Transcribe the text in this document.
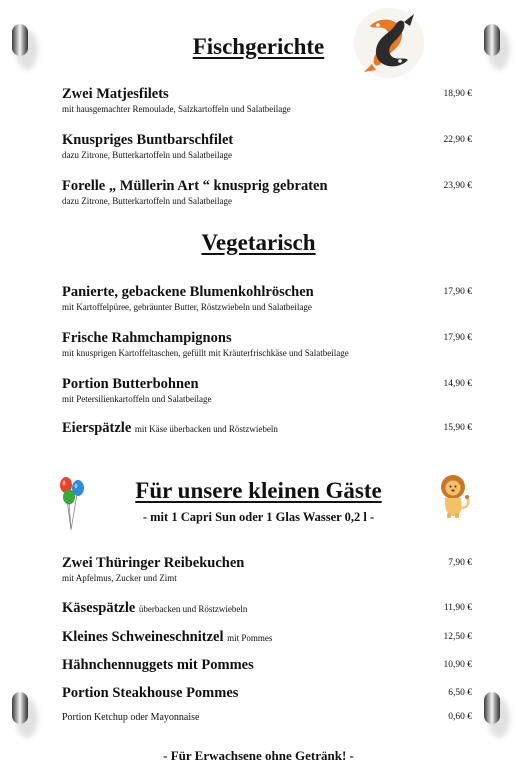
Fischgerichte
Zwei Matjesfilets
mit hausgemachter Remoulade, Salzkartoffeln und Salatbeilage
18,90 €
Knuspriges Buntbarschfilet
dazu Zitrone, Butterkartoffeln und Salatbeilage
22,90 €
Forelle „ Müllerin Art “ knusprig gebraten
dazu Zitrone, Butterkartoffeln und Salatbeilage
23,90 €
Vegetarisch
Panierte, gebackene Blumenkohlröschen
mit Kartoffelpüree, gebräunter Butter, Röstzwiebeln und Salatbeilage
17,90 €
Frische Rahmchampignons
mit knusprigen Kartoffeltaschen, gefüllt mit Kräuterfrischkäse und Salatbeilage
17,90 €
Portion Butterbohnen
mit Petersilienkartoffeln und Salatbeilage
14,90 €
Eierspätzle mit Käse überbacken und Röstzwiebeln	15,90 €
Für unsere kleinen Gäste
- mit 1 Capri Sun oder 1 Glas Wasser 0,2 l -
Zwei Thüringer Reibekuchen
mit Apfelmus, Zucker und Zimt
7,90 €
Käsespätzle überbacken und Röstzwiebeln	11,90 €
Kleines Schweineschnitzel mit Pommes	12,50 €
Hähnchennuggets mit Pommes	10,90 €
Portion Steakhouse Pommes	6,50 €
Portion Ketchup oder Mayonnaise	0,60 €
- Für Erwachsene ohne Getränk! -
